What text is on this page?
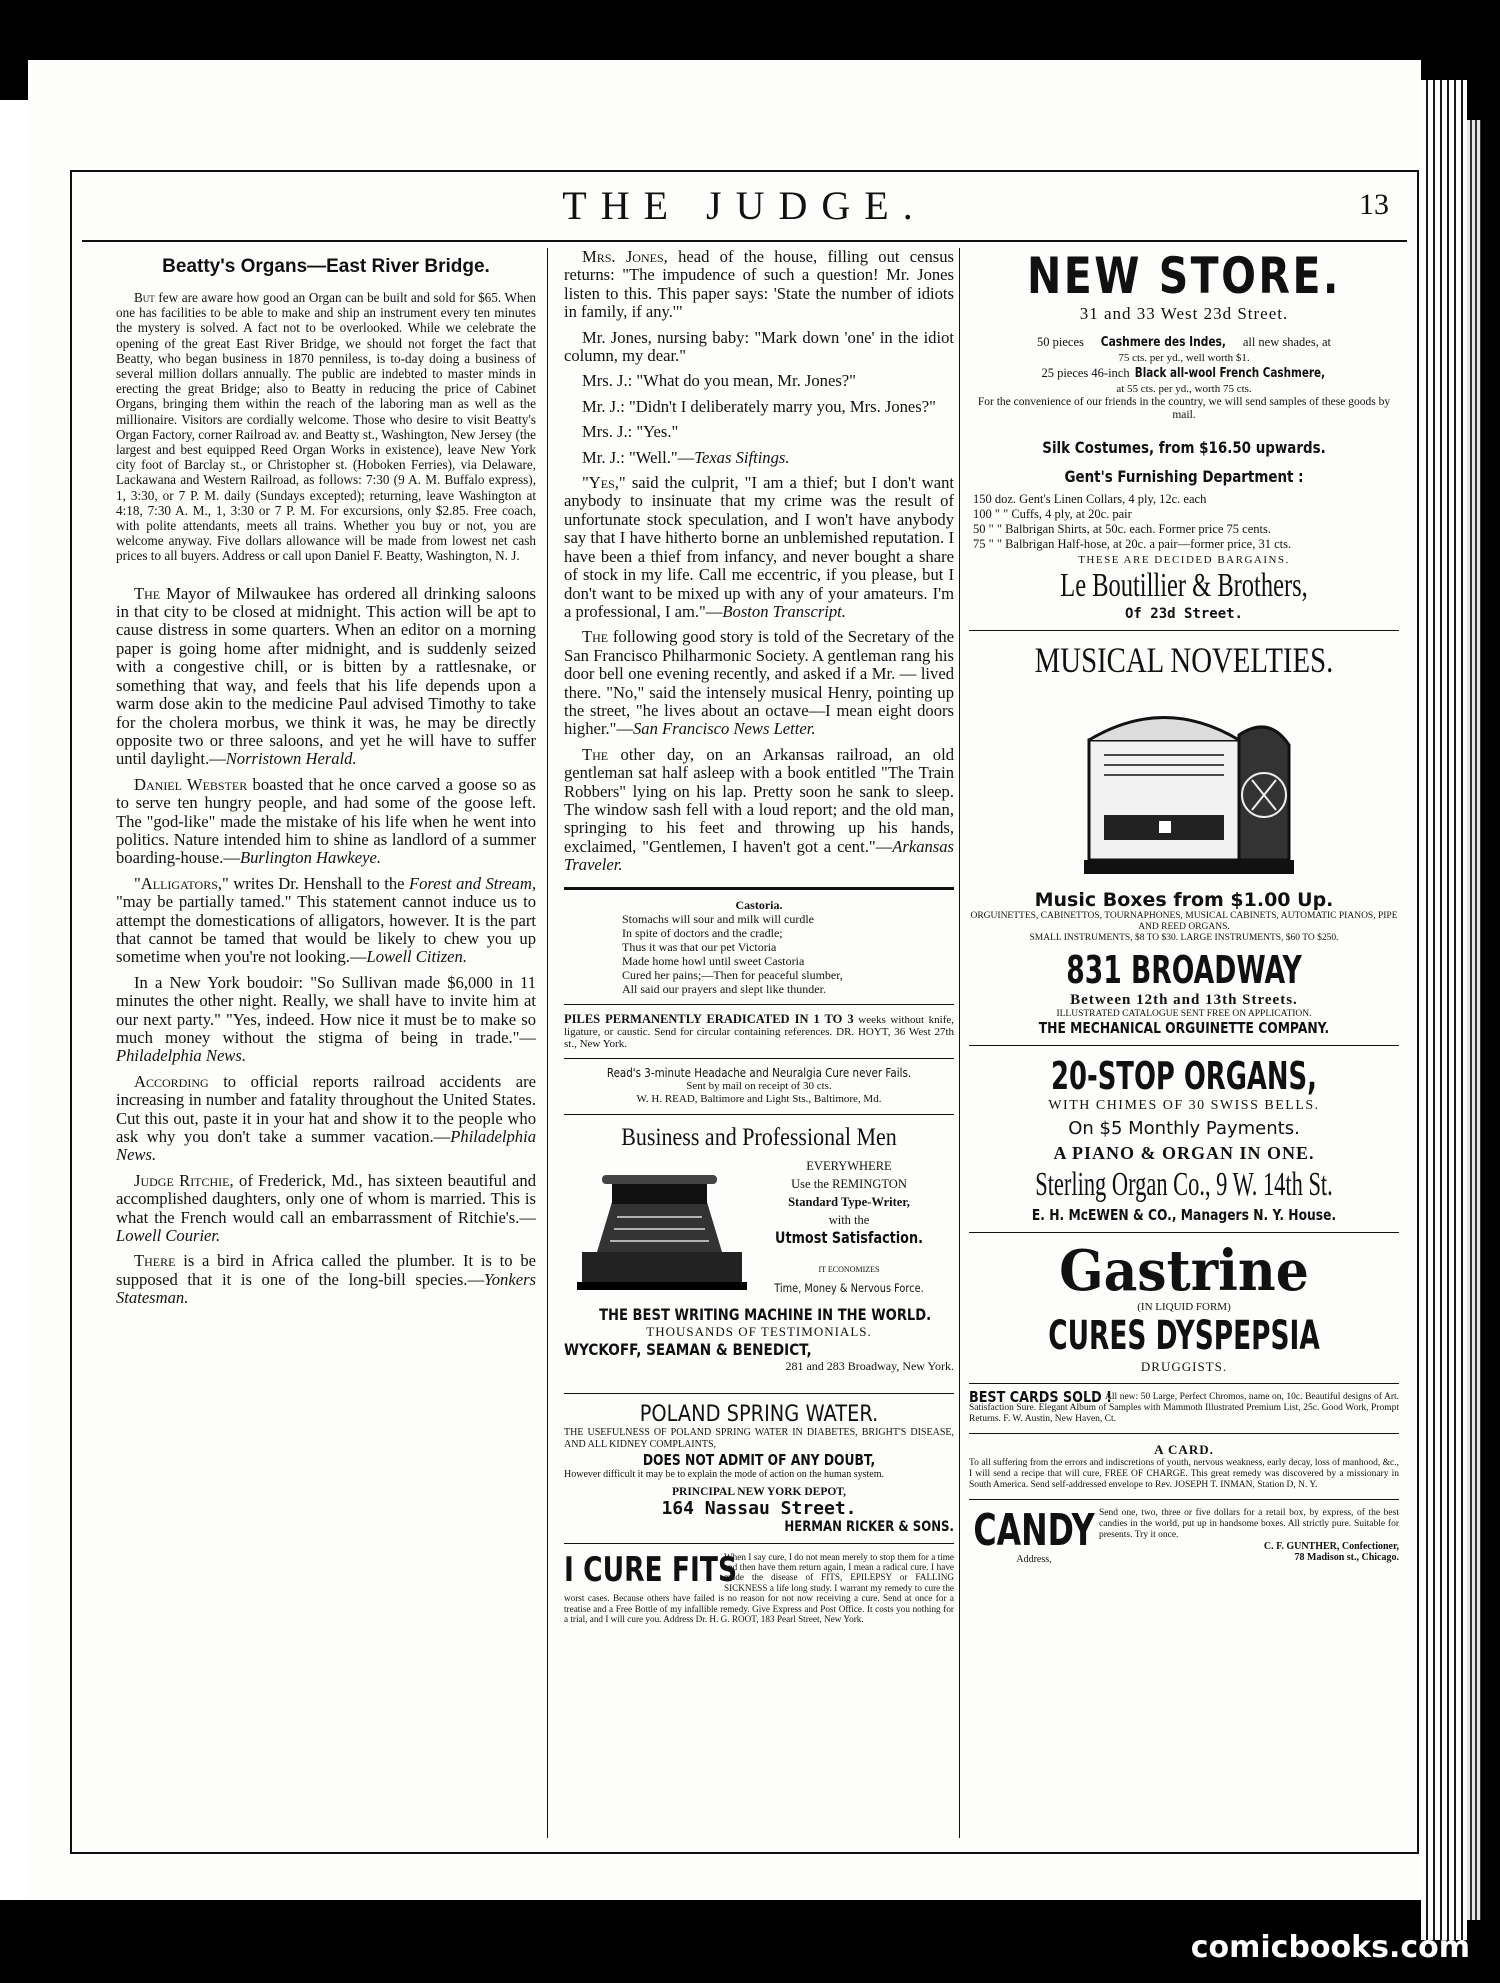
THE JUDGE.	13
Beatty's Organs—East River Bridge.

But few are aware how good an Organ can be built and sold for $65. When one has facilities to be able to make and ship an instrument every ten minutes the mystery is solved. A fact not to be overlooked. While we celebrate the opening of the great East River Bridge, we should not forget the fact that Beatty, who began business in 1870 penniless, is to-day doing a business of several million dollars annually. The public are indebted to master minds in erecting the great Bridge; also to Beatty in reducing the price of Cabinet Organs, bringing them within the reach of the laboring man as well as the millionaire. Visitors are cordially welcome. Those who desire to visit Beatty's Organ Factory, corner Railroad av. and Beatty st., Washington, New Jersey (the largest and best equipped Reed Organ Works in existence), leave New York city foot of Barclay st., or Christopher st. (Hoboken Ferries), via Delaware, Lackawana and Western Railroad, as follows: 7:30 (9 A. M. Buffalo express), 1, 3:30, or 7 P. M. daily (Sundays excepted); returning, leave Washington at 4:18, 7:30 A. M., 1, 3:30 or 7 P. M. For excursions, only $2.85. Free coach, with polite attendants, meets all trains. Whether you buy or not, you are welcome anyway. Five dollars allowance will be made from lowest net cash prices to all buyers. Address or call upon Daniel F. Beatty, Washington, N. J.

The Mayor of Milwaukee has ordered all drinking saloons in that city to be closed at midnight. This action will be apt to cause distress in some quarters. When an editor on a morning paper is going home after midnight, and is suddenly seized with a congestive chill, or is bitten by a rattlesnake, or something that way, and feels that his life depends upon a warm dose akin to the medicine Paul advised Timothy to take for the cholera morbus, we think it was, he may be directly opposite two or three saloons, and yet he will have to suffer until daylight.—Norristown Herald.

Daniel Webster boasted that he once carved a goose so as to serve ten hungry people, and had some of the goose left. The "god-like" made the mistake of his life when he went into politics. Nature intended him to shine as landlord of a summer boarding-house.—Burlington Hawkeye.

"Alligators," writes Dr. Henshall to the Forest and Stream, "may be partially tamed." This statement cannot induce us to attempt the domestications of alligators, however. It is the part that cannot be tamed that would be likely to chew you up sometime when you're not looking.—Lowell Citizen.

In a New York boudoir: "So Sullivan made $6,000 in 11 minutes the other night. Really, we shall have to invite him at our next party." "Yes, indeed. How nice it must be to make so much money without the stigma of being in trade."—Philadelphia News.

According to official reports railroad accidents are increasing in number and fatality throughout the United States. Cut this out, paste it in your hat and show it to the people who ask why you don't take a summer vacation.—Philadelphia News.

Judge Ritchie, of Frederick, Md., has sixteen beautiful and accomplished daughters, only one of whom is married. This is what the French would call an embarrassment of Ritchie's.—Lowell Courier.

There is a bird in Africa called the plumber. It is to be supposed that it is one of the long-bill species.—Yonkers Statesman.

Mrs. Jones, head of the house, filling out census returns: "The impudence of such a question! Mr. Jones listen to this. This paper says: 'State the number of idiots in family, if any.'"

Mr. Jones, nursing baby: "Mark down 'one' in the idiot column, my dear."

Mrs. J.: "What do you mean, Mr. Jones?"

Mr. J.: "Didn't I deliberately marry you, Mrs. Jones?"

Mrs. J.: "Yes."

Mr. J.: "Well."—Texas Siftings.

"Yes," said the culprit, "I am a thief; but I don't want anybody to insinuate that my crime was the result of unfortunate stock speculation, and I won't have anybody say that I have hitherto borne an unblemished reputation. I have been a thief from infancy, and never bought a share of stock in my life. Call me eccentric, if you please, but I don't want to be mixed up with any of your amateurs. I'm a professional, I am."—Boston Transcript.

The following good story is told of the Secretary of the San Francisco Philharmonic Society. A gentleman rang his door bell one evening recently, and asked if a Mr. — lived there. "No," said the intensely musical Henry, pointing up the street, "he lives about an octave—I mean eight doors higher."—San Francisco News Letter.

The other day, on an Arkansas railroad, an old gentleman sat half asleep with a book entitled "The Train Robbers" lying on his lap. Pretty soon he sank to sleep. The window sash fell with a loud report; and the old man, springing to his feet and throwing up his hands, exclaimed, "Gentlemen, I haven't got a cent."—Arkansas Traveler.

Castoria.
Stomachs will sour and milk will curdle
In spite of doctors and the cradle;
Thus it was that our pet Victoria
Made home howl until sweet Castoria
Cured her pains;—Then for peaceful slumber,
All said our prayers and slept like thunder.
PILES PERMANENTLY ERADICATED IN 1 TO 3 weeks without knife, ligature, or caustic. Send for circular containing references. DR. HOYT, 36 West 27th st., New York.
Read's 3-minute Headache and Neuralgia Cure never Fails.
Sent by mail on receipt of 30 cts.
W. H. READ, Baltimore and Light Sts., Baltimore, Md.
Business and Professional Men
EVERYWHERE
Use the REMINGTON
Standard Type-Writer,
with the
Utmost Satisfaction.
IT ECONOMIZES
Time, Money & Nervous Force.
THE BEST WRITING MACHINE IN THE WORLD.
THOUSANDS OF TESTIMONIALS.
WYCKOFF, SEAMAN & BENEDICT,
281 and 283 Broadway, New York.
POLAND SPRING WATER.
THE USEFULNESS OF POLAND SPRING WATER IN DIABETES, BRIGHT'S DISEASE, AND ALL KIDNEY COMPLAINTS,
DOES NOT ADMIT OF ANY DOUBT,
However difficult it may be to explain the mode of action on the human system.
PRINCIPAL NEW YORK DEPOT,
164 Nassau Street.
HERMAN RICKER & SONS.
I CURE FITS
When I say cure, I do not mean merely to stop them for a time and then have them return again, I mean a radical cure. I have made the disease of FITS, EPILEPSY or FALLING SICKNESS a life long study. I warrant my remedy to cure the worst cases. Because others have failed is no reason for not now receiving a cure. Send at once for a treatise and a Free Bottle of my infallible remedy. Give Express and Post Office. It costs you nothing for a trial, and I will cure you. Address Dr. H. G. ROOT, 183 Pearl Street, New York.
NEW STORE.
31 and 33 West 23d Street.
50 pieces Cashmere des Indes, all new shades, at
75 cts. per yd., well worth $1.
25 pieces 46-inch Black all-wool French Cashmere,
at 55 cts. per yd., worth 75 cts.
For the convenience of our friends in the country, we will send samples of these goods by mail.
Silk Costumes, from $16.50 upwards.
Gent's Furnishing Department :
150 doz. Gent's Linen Collars, 4 ply, 12c. each
100 " " Cuffs, 4 ply, at 20c. pair
50 " " Balbrigan Shirts, at 50c. each. Former price 75 cents.
75 " " Balbrigan Half-hose, at 20c. a pair—former price, 31 cts.
THESE ARE DECIDED BARGAINS.
Le Boutillier & Brothers,
Of 23d Street.
MUSICAL NOVELTIES.
Music Boxes from $1.00 Up.
ORGUINETTES, CABINETTOS, TOURNAPHONES, MUSICAL CABINETS, AUTOMATIC PIANOS, PIPE AND REED ORGANS.
SMALL INSTRUMENTS, $8 TO $30. LARGE INSTRUMENTS, $60 TO $250.
831 BROADWAY
Between 12th and 13th Streets.
ILLUSTRATED CATALOGUE SENT FREE ON APPLICATION.
THE MECHANICAL ORGUINETTE COMPANY.
20-STOP ORGANS,
WITH CHIMES OF 30 SWISS BELLS.
On $5 Monthly Payments.
A PIANO & ORGAN IN ONE.
Sterling Organ Co., 9 W. 14th St.
E. H. McEWEN & CO., Managers N. Y. House.
Gastrine
(IN LIQUID FORM)
CURES DYSPEPSIA
DRUGGISTS.
BEST CARDS SOLD !
All new: 50 Large, Perfect Chromos, name on, 10c. Beautiful designs of Art. Satisfaction Sure. Elegant Album of Samples with Mammoth Illustrated Premium List, 25c. Good Work, Prompt Returns. F. W. Austin, New Haven, Ct.
A CARD.
To all suffering from the errors and indiscretions of youth, nervous weakness, early decay, loss of manhood, &c., I will send a recipe that will cure, FREE OF CHARGE. This great remedy was discovered by a missionary in South America. Send self-addressed envelope to Rev. JOSEPH T. INMAN, Station D, N. Y.
CANDY
Address,
Send one, two, three or five dollars for a retail box, by express, of the best candies in the world, put up in handsome boxes. All strictly pure. Suitable for presents. Try it once.
C. F. GUNTHER, Confectioner,
78 Madison st., Chicago.
comicbooks.com
